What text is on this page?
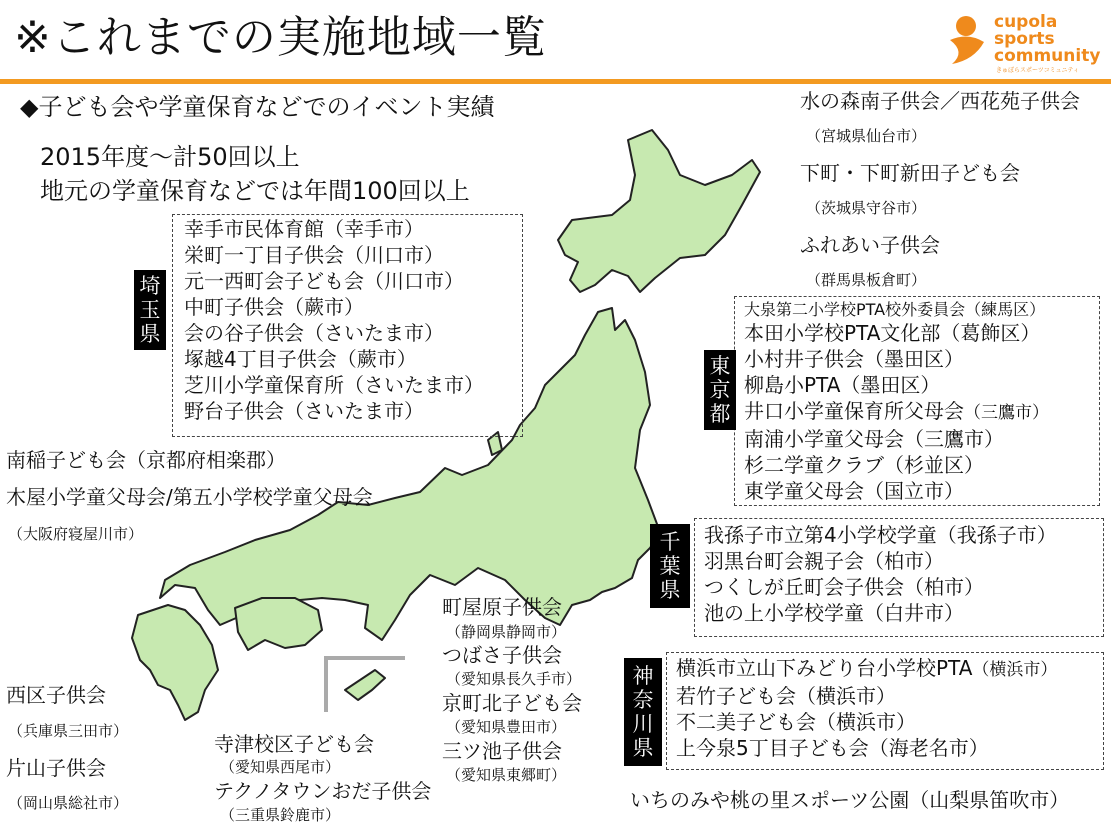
※これまでの実施地域一覧	cupola
sports
community
きゅぽらスポーツコミュニティ
◆子ども会や学童保育などでのイベント実績
2015年度～計50回以上
地元の学童保育などでは年間100回以上
埼玉県
幸手市民体育館（幸手市）
栄町一丁目子供会（川口市）
元一西町会子ども会（川口市）
中町子供会（蕨市）
会の谷子供会（さいたま市）
塚越4丁目子供会（蕨市）
芝川小学童保育所（さいたま市）
野台子供会（さいたま市）
南稲子ども会（京都府相楽郡）
木屋小学童父母会/第五小学校学童父母会
（大阪府寝屋川市）
西区子供会
（兵庫県三田市）
片山子供会
（岡山県総社市）
寺津校区子ども会
（愛知県西尾市）
テクノタウンおだ子供会
（三重県鈴鹿市）
町屋原子供会
（静岡県静岡市）
つばさ子供会
（愛知県長久手市）
京町北子ども会
（愛知県豊田市）
三ツ池子供会
（愛知県東郷町）
水の森南子供会／西花苑子供会
（宮城県仙台市）
下町・下町新田子ども会
（茨城県守谷市）
ふれあい子供会
（群馬県板倉町）
東京都
大泉第二小学校PTA校外委員会（練馬区）
本田小学校PTA文化部（葛飾区）
小村井子供会（墨田区）
柳島小PTA（墨田区）
井口小学童保育所父母会（三鷹市）
南浦小学童父母会（三鷹市）
杉二学童クラブ（杉並区）
東学童父母会（国立市）
千葉県
我孫子市立第4小学校学童（我孫子市）
羽黒台町会親子会（柏市）
つくしが丘町会子供会（柏市）
池の上小学校学童（白井市）
神奈川県
横浜市立山下みどり台小学校PTA（横浜市）
若竹子ども会（横浜市）
不二美子ども会（横浜市）
上今泉5丁目子ども会（海老名市）
いちのみや桃の里スポーツ公園（山梨県笛吹市）
